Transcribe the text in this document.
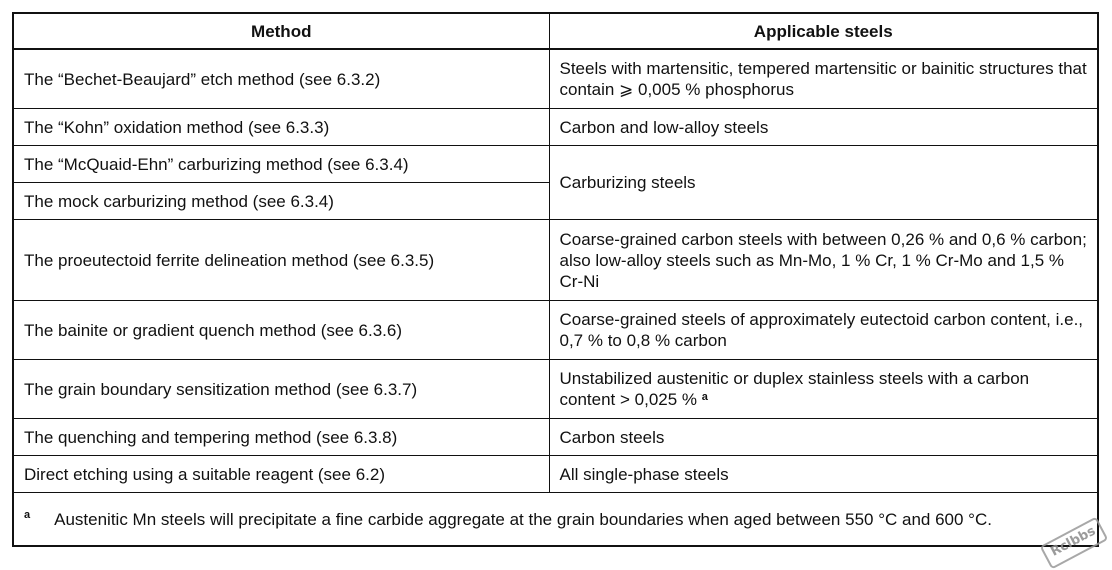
Method	Applicable steels
The “Bechet-Beaujard” etch method (see 6.3.2)	Steels with martensitic, tempered martensitic or bainitic structures that contain ⩾ 0,005 % phosphorus
The “Kohn” oxidation method (see 6.3.3)	Carbon and low-alloy steels
The “McQuaid-Ehn” carburizing method (see 6.3.4)	Carburizing steels
The mock carburizing method (see 6.3.4)	
The proeutectoid ferrite delineation method (see 6.3.5)	Coarse-grained carbon steels with between 0,26 % and 0,6 % carbon; also low-alloy steels such as Mn-Mo, 1 % Cr, 1 % Cr-Mo and 1,5 % Cr-Ni
The bainite or gradient quench method (see 6.3.6)	Coarse-grained steels of approximately eutectoid carbon content, i.e., 0,7 % to 0,8 % carbon
The grain boundary sensitization method (see 6.3.7)	Unstabilized austenitic or duplex stainless steels with a carbon content > 0,025 % $^a$
The quenching and tempering method (see 6.3.8)	Carbon steels
Direct etching using a suitable reagent (see 6.2)	All single-phase steels
a Austenitic Mn steels will precipitate a fine carbide aggregate at the grain boundaries when aged between 550 °C and 600 °C.	
Rclbbs
